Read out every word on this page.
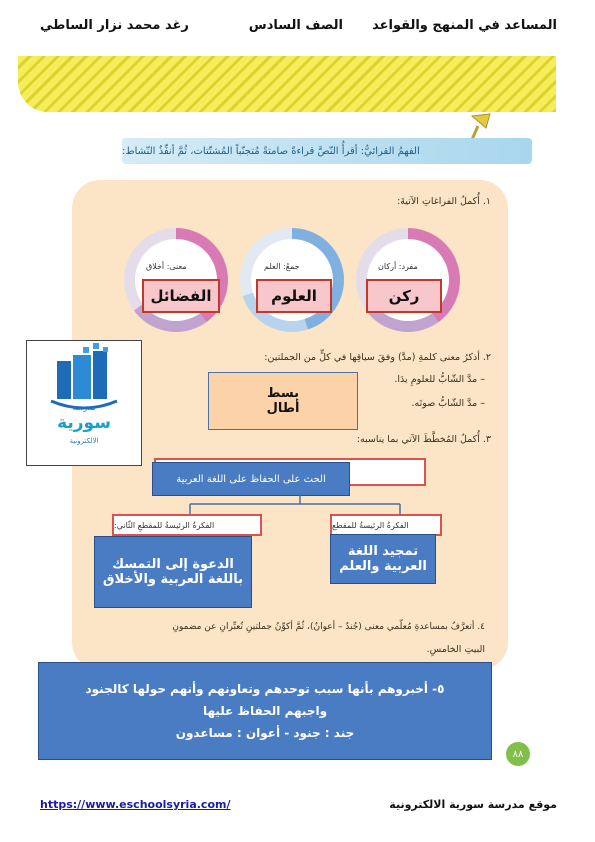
المساعد في المنهج والقواعد
الصف السادس
رغد محمد نزار الساطي
الفهمُ القرائيُّ: أقرأُ النّصَّ قراءةً صامتةً مُتجنّباً المُشتّتات، ثُمَّ أنفِّذُ النّشاط:
١. أُكملُ الفراغاتِ الآتيةَ:
مفرد: أركان
جمعُ: العلم
معنى: أخلاق
ركن
العلوم
الفضائل
٢. أذكرُ معنى كلمةِ (مدَّ) وفقَ سياقِها في كلٍّ من الجملتين:
– مدَّ الشّابُّ للعلومِ يدَا.
– مدَّ الشّابُّ صوتَه.
بسط
أطال
٣. أُكملُ المُخطَّطَ الآتي بما يناسبه:
الحث على الحفاظ على اللغة العربية
الفكرةُ الرئيسةُ للمقطع
الفكرةُ الرئيسةُ للمقطعِ الثّاني:
تمجيد اللغة
العربية والعلم
الدعوة إلى التمسك
باللغة العربية والأخلاق
٤. أتعرَّفُ بمساعدةِ مُعلّمي معنى (جُندٌ – أعوانٌ)، ثُمَّ أكوِّنُ جملتينِ تُعبِّرانِ عن مضمونِ
البيتِ الخامسِ.
٥- أخبروهم بأنها سبب توحدهم وتعاونهم وأنهم حولها كالجنود
واجبهم الحفاظ عليها
جند : جنود - أعوان : مساعدون
٨٨
مدرسة
سورية
الالكترونية
موقع مدرسة سورية الالكترونية
https://www.eschoolsyria.com/
